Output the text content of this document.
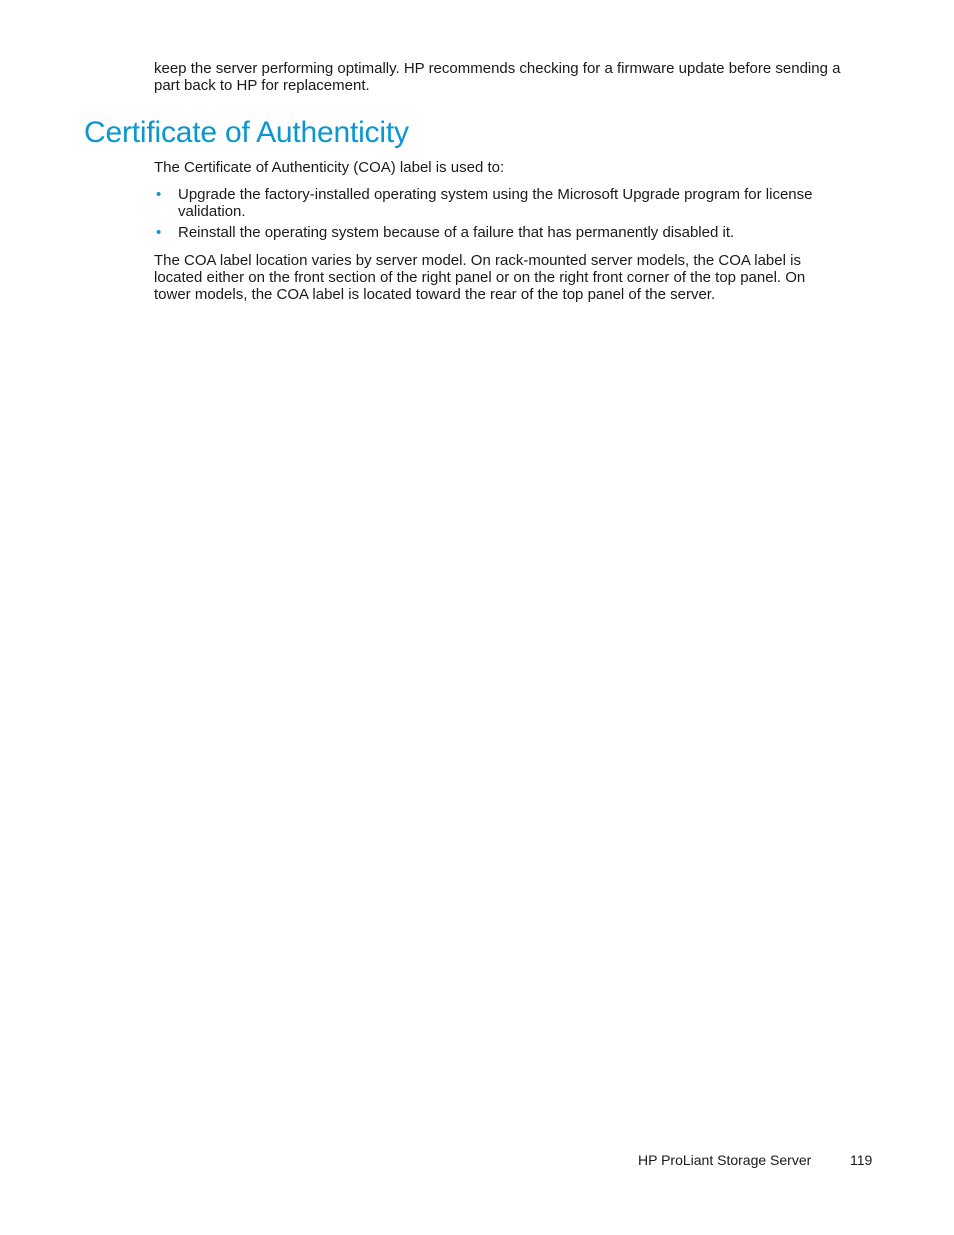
keep the server performing optimally. HP recommends checking for a firmware update before sending a
part back to HP for replacement.

Certificate of Authenticity

The Certificate of Authenticity (COA) label is used to:

• Upgrade the factory-installed operating system using the Microsoft Upgrade program for license
validation.
• Reinstall the operating system because of a failure that has permanently disabled it.

The COA label location varies by server model. On rack-mounted server models, the COA label is
located either on the front section of the right panel or on the right front corner of the top panel. On
tower models, the COA label is located toward the rear of the top panel of the server.

HP ProLiant Storage Server	119
